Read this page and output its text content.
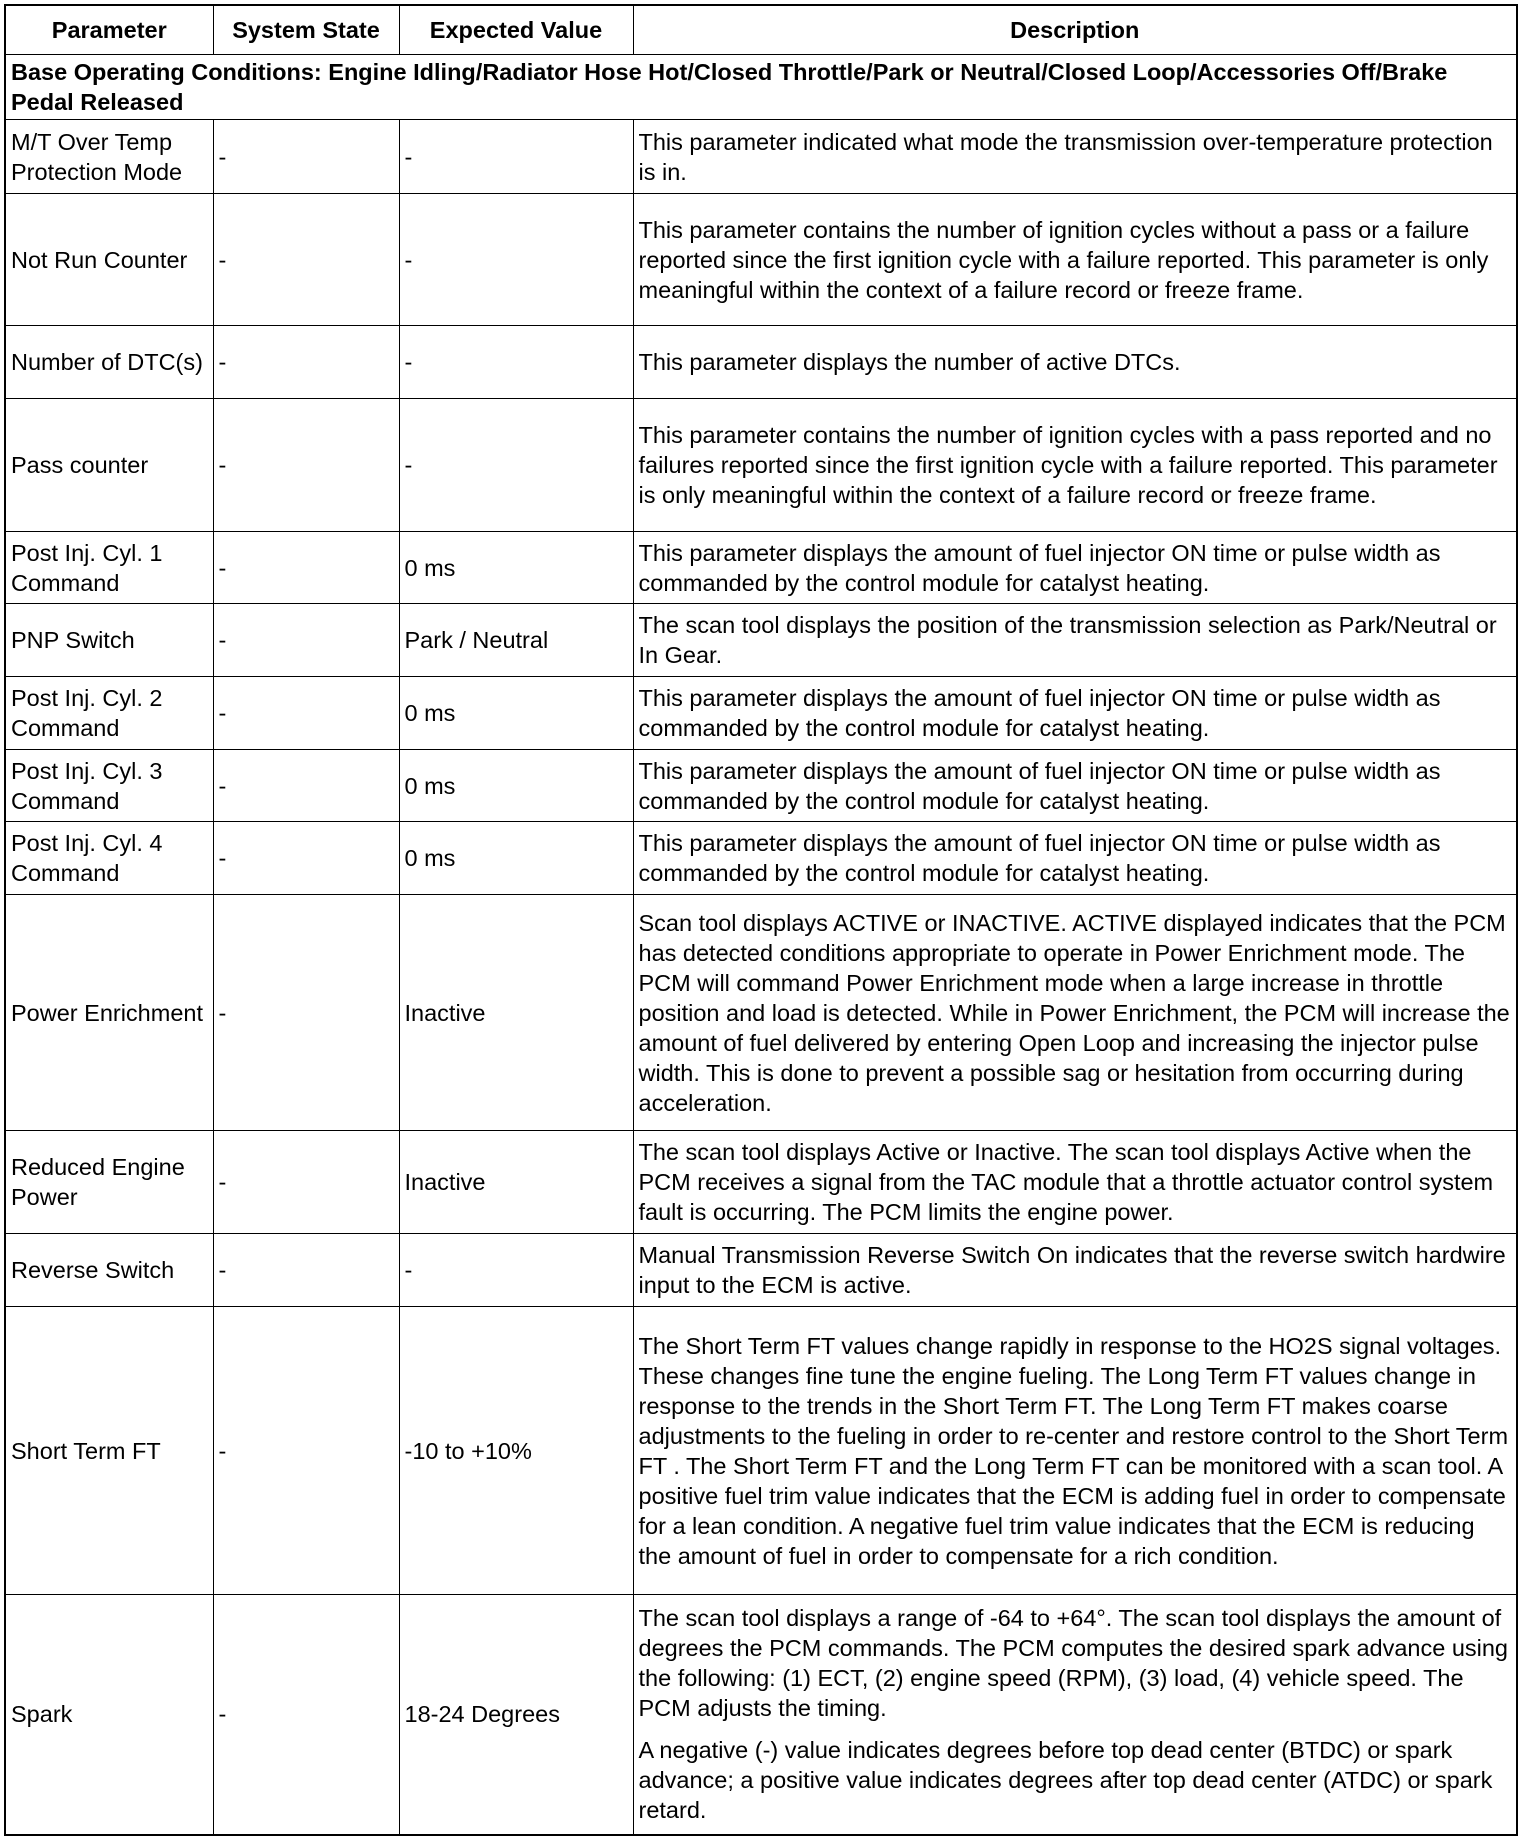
Parameter	System State	Expected Value	Description
Base Operating Conditions: Engine Idling/Radiator Hose Hot/Closed Throttle/Park or Neutral/Closed Loop/Accessories Off/Brake Pedal Released			
M/T Over Temp Protection Mode	-	-	This parameter indicated what mode the transmission over-temperature protection is in.
Not Run Counter	-	-	This parameter contains the number of ignition cycles without a pass or a failure reported since the first ignition cycle with a failure reported. This parameter is only meaningful within the context of a failure record or freeze frame.
Number of DTC(s)	-	-	This parameter displays the number of active DTCs.
Pass counter	-	-	This parameter contains the number of ignition cycles with a pass reported and no failures reported since the first ignition cycle with a failure reported. This parameter is only meaningful within the context of a failure record or freeze frame.
Post Inj. Cyl. 1 Command	-	0 ms	This parameter displays the amount of fuel injector ON time or pulse width as commanded by the control module for catalyst heating.
PNP Switch	-	Park / Neutral	The scan tool displays the position of the transmission selection as Park/Neutral or In Gear.
Post Inj. Cyl. 2 Command	-	0 ms	This parameter displays the amount of fuel injector ON time or pulse width as commanded by the control module for catalyst heating.
Post Inj. Cyl. 3 Command	-	0 ms	This parameter displays the amount of fuel injector ON time or pulse width as commanded by the control module for catalyst heating.
Post Inj. Cyl. 4 Command	-	0 ms	This parameter displays the amount of fuel injector ON time or pulse width as commanded by the control module for catalyst heating.
Power Enrichment	-	Inactive	Scan tool displays ACTIVE or INACTIVE. ACTIVE displayed indicates that the PCM has detected conditions appropriate to operate in Power Enrichment mode. The PCM will command Power Enrichment mode when a large increase in throttle position and load is detected. While in Power Enrichment, the PCM will increase the amount of fuel delivered by entering Open Loop and increasing the injector pulse width. This is done to prevent a possible sag or hesitation from occurring during acceleration.
Reduced Engine Power	-	Inactive	The scan tool displays Active or Inactive. The scan tool displays Active when the PCM receives a signal from the TAC module that a throttle actuator control system fault is occurring. The PCM limits the engine power.
Reverse Switch	-	-	Manual Transmission Reverse Switch On indicates that the reverse switch hardwire input to the ECM is active.
Short Term FT	-	-10 to +10%	The Short Term FT values change rapidly in response to the HO2S signal voltages. These changes fine tune the engine fueling. The Long Term FT values change in response to the trends in the Short Term FT. The Long Term FT makes coarse adjustments to the fueling in order to re-center and restore control to the Short Term FT . The Short Term FT and the Long Term FT can be monitored with a scan tool. A positive fuel trim value indicates that the ECM is adding fuel in order to compensate for a lean condition. A negative fuel trim value indicates that the ECM is reducing the amount of fuel in order to compensate for a rich condition.
Spark	-	18-24 Degrees	The scan tool displays a range of -64 to +64°. The scan tool displays the amount of degrees the PCM commands. The PCM computes the desired spark advance using the following: (1) ECT, (2) engine speed (RPM), (3) load, (4) vehicle speed. The PCM adjusts the timing.
A negative (-) value indicates degrees before top dead center (BTDC) or spark advance; a positive value indicates degrees after top dead center (ATDC) or spark retard.
